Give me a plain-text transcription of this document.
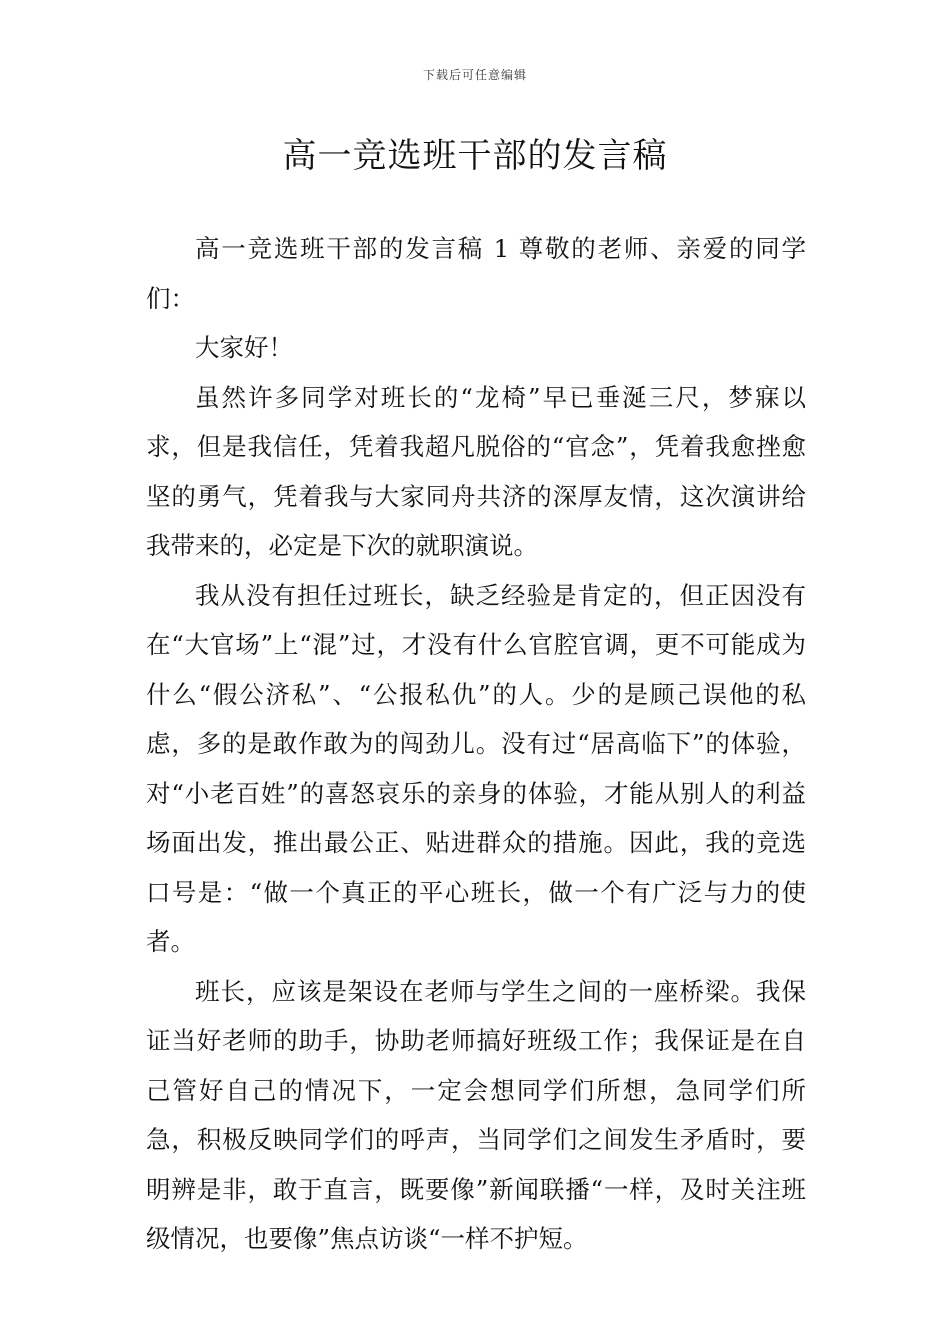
下载后可任意编辑
高一竞选班干部的发言稿

高一竞选班干部的发言稿 1 尊敬的老师、亲爱的同学们：

大家好！

虽然许多同学对班长的“龙椅”早已垂涎三尺，梦寐以求，但是我信任，凭着我超凡脱俗的“官念”，凭着我愈挫愈坚的勇气，凭着我与大家同舟共济的深厚友情，这次演讲给我带来的，必定是下次的就职演说。

我从没有担任过班长，缺乏经验是肯定的，但正因没有在“大官场”上“混”过，才没有什么官腔官调，更不可能成为什么“假公济私”、“公报私仇”的人。少的是顾己误他的私虑，多的是敢作敢为的闯劲儿。没有过“居高临下”的体验，对“小老百姓”的喜怒哀乐的亲身的体验，才能从别人的利益场面出发，推出最公正、贴进群众的措施。因此，我的竞选口号是：“做一个真正的平心班长，做一个有广泛与力的使者。

班长，应该是架设在老师与学生之间的一座桥梁。我保证当好老师的助手，协助老师搞好班级工作；我保证是在自己管好自己的情况下，一定会想同学们所想，急同学们所急，积极反映同学们的呼声，当同学们之间发生矛盾时，要明辨是非，敢于直言，既要像”新闻联播“一样，及时关注班级情况，也要像”焦点访谈“一样不护短。
